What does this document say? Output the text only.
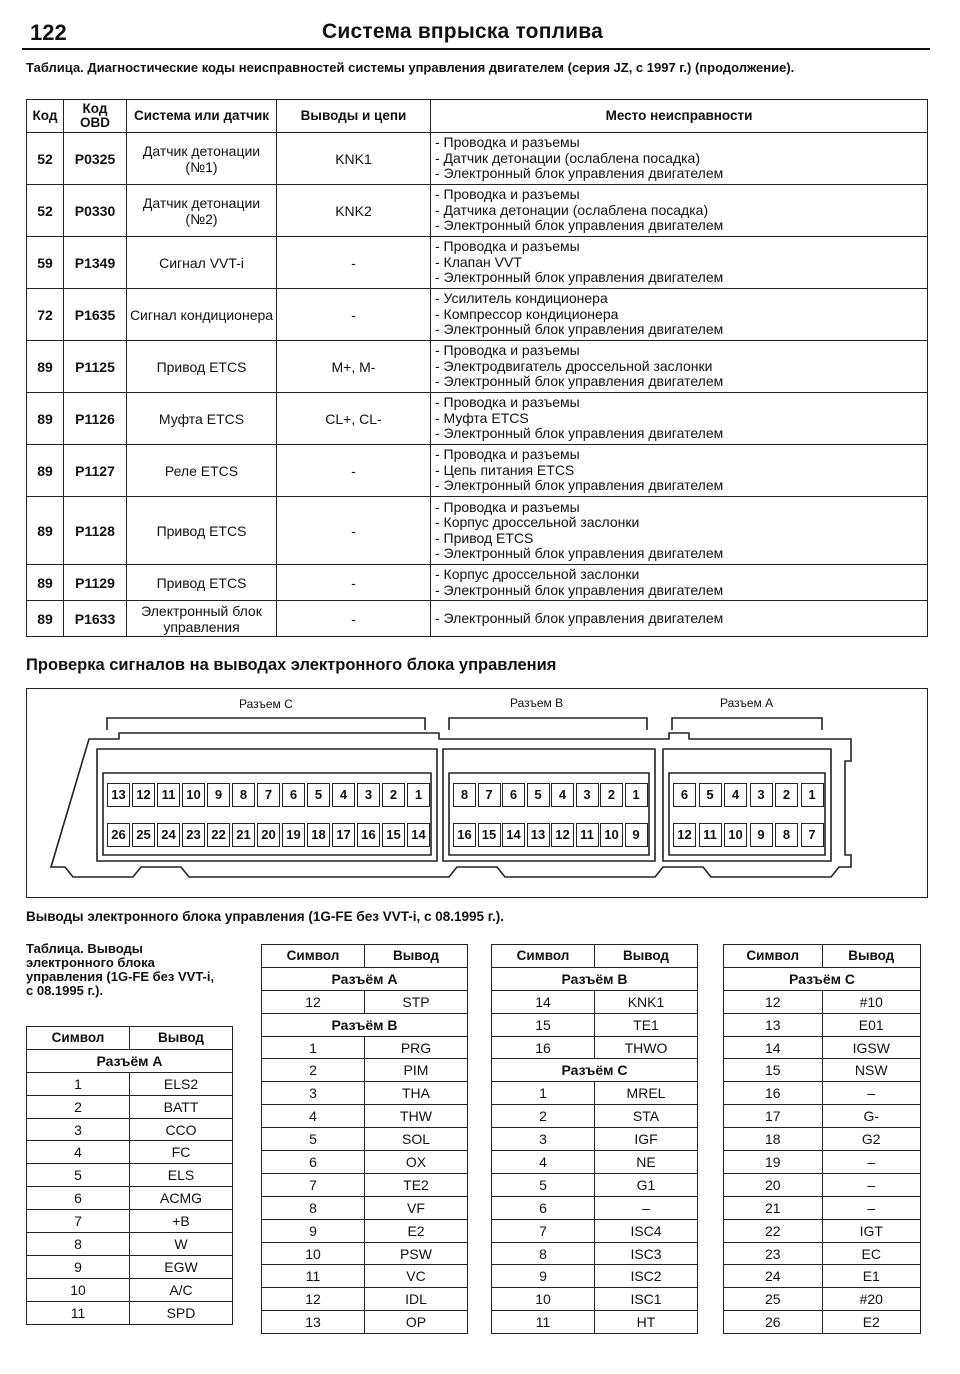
122	Система впрыска топлива
Таблица. Диагностические коды неисправностей системы управления двигателем (серия JZ, с 1997 г.) (продолжение).
Код	Код OBD	Система или датчик	Выводы и цепи	Место неисправности
52	P0325	Датчик детонации (№1)	KNK1	- Проводка и разъемы
- Датчик детонации (ослаблена посадка)
- Электронный блок управления двигателем

52	P0330	Датчик детонации (№2)	KNK2	- Проводка и разъемы
- Датчика детонации (ослаблена посадка)
- Электронный блок управления двигателем

59	P1349	Сигнал VVT-i	-	- Проводка и разъемы
- Клапан VVT
- Электронный блок управления двигателем

72	P1635	Сигнал кондиционера	-	- Усилитель кондиционера
- Компрессор кондиционера
- Электронный блок управления двигателем

89	P1125	Привод ETCS	M+, M-	- Проводка и разъемы
- Электродвигатель дроссельной заслонки
- Электронный блок управления двигателем

89	P1126	Муфта ETCS	CL+, CL-	- Проводка и разъемы
- Муфта ETCS
- Электронный блок управления двигателем

89	P1127	Реле ETCS	-	- Проводка и разъемы
- Цепь питания ETCS
- Электронный блок управления двигателем

89	P1128	Привод ETCS	-	- Проводка и разъемы
- Корпус дроссельной заслонки
- Привод ETCS
- Электронный блок управления двигателем

89	P1129	Привод ETCS	-	- Корпус дроссельной заслонки
- Электронный блок управления двигателем

89	P1633	Электронный блок управления	-	- Электронный блок управления двигателем
Проверка сигналов на выводах электронного блока управления
Разъем С	Разъем В	Разъем А
13 12 11 10	9	8	7	6	5	4	3	2	1
26 25 24 23 22 21 20 19 18 17 16 15 14
8	7	6	5	4	3	2	1
16 15 14 13 12 11 10	9
6	5	4	3	2	1
12 11 10	9	8	7
Выводы электронного блока управления (1G-FE без VVT-i, с 08.1995 г.).
Таблица. Выводы электронного блока управления (1G-FE без VVT-i, с 08.1995 г.).
Символ	Вывод
Разъём А	
1	ELS2
2	BATT
3	CCO
4	FC
5	ELS
6	ACMG
7	+B
8	W
9	EGW
10	A/C
11	SPD
Символ	Вывод
Разъём А	
12	STP
Разъём В	
1	PRG
2	PIM
3	THA
4	THW
5	SOL
6	OX
7	TE2
8	VF
9	E2
10	PSW
11	VC
12	IDL
13	OP
Символ	Вывод
Разъём В	
14	KNK1
15	TE1
16	THWO
Разъём С	
1	MREL
2	STA
3	IGF
4	NE
5	G1
6	–
7	ISC4
8	ISC3
9	ISC2
10	ISC1
11	HT
Символ	Вывод
Разъём С	
12	#10
13	E01
14	IGSW
15	NSW
16	–
17	G-
18	G2
19	–
20	–
21	–
22	IGT
23	EC
24	E1
25	#20
26	E2
